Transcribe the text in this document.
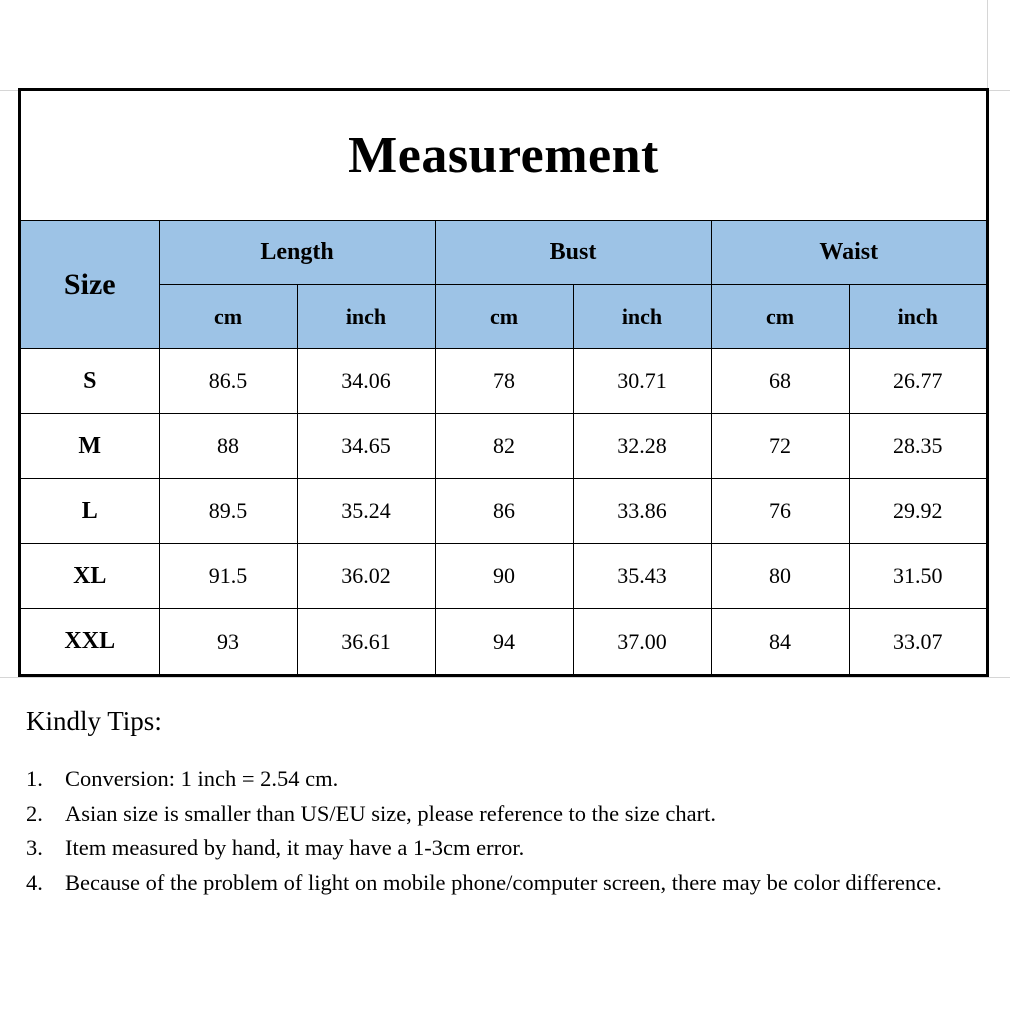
Measurement						
Size	Length		Bust		Waist	
	cm	inch	cm	inch	cm	inch
S	86.5	34.06	78	30.71	68	26.77
M	88	34.65	82	32.28	72	28.35
L	89.5	35.24	86	33.86	76	29.92
XL	91.5	36.02	90	35.43	80	31.50
XXL	93	36.61	94	37.00	84	33.07
Kindly Tips:
1. Conversion: 1 inch = 2.54 cm.
2. Asian size is smaller than US/EU size, please reference to the size chart.
3. Item measured by hand, it may have a 1-3cm error.
4. Because of the problem of light on mobile phone/computer screen, there may be color difference.
